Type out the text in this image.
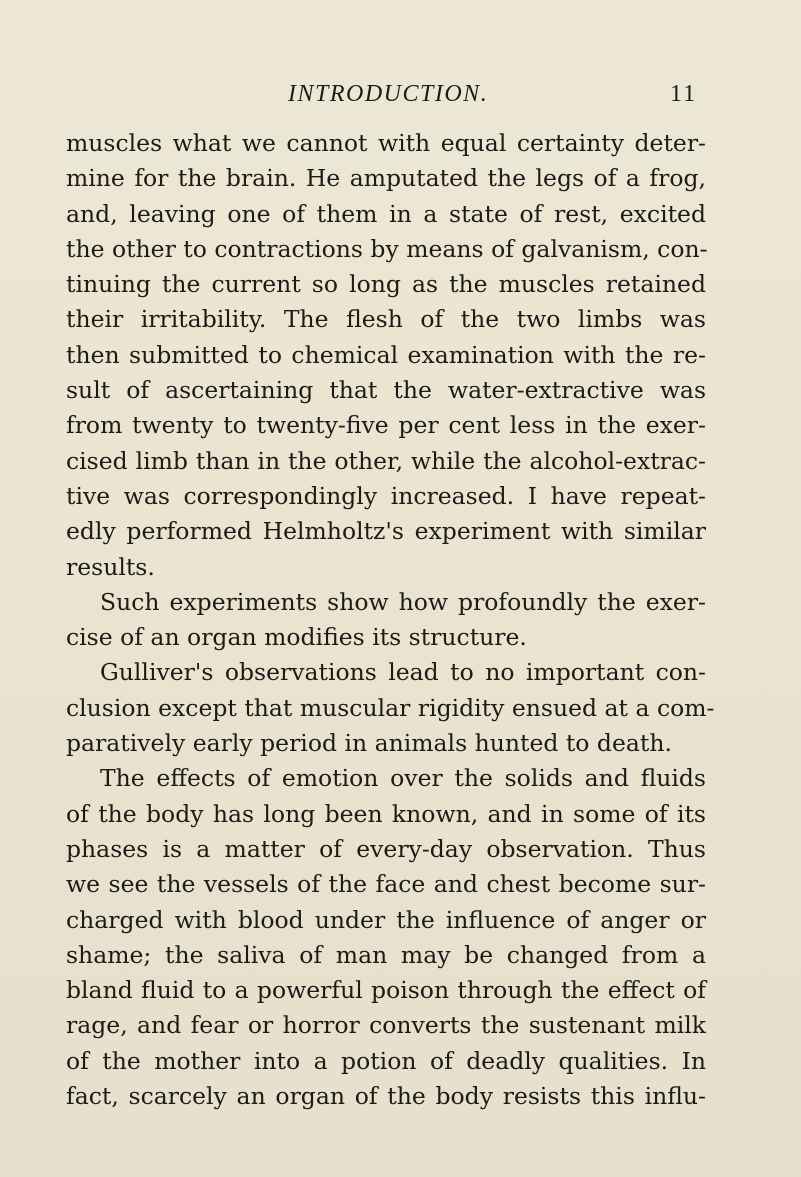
INTRODUCTION.	11
muscles what we cannot with equal certainty deter-
mine for the brain. He amputated the legs of a frog,
and, leaving one of them in a state of rest, excited
the other to contractions by means of galvanism, con-
tinuing the current so long as the muscles retained
their irritability. The flesh of the two limbs was
then submitted to chemical examination with the re-
sult of ascertaining that the water-extractive was
from twenty to twenty-five per cent less in the exer-
cised limb than in the other, while the alcohol-extrac-
tive was correspondingly increased. I have repeat-
edly performed Helmholtz's experiment with similar
results.
Such experiments show how profoundly the exer-
cise of an organ modifies its structure.
Gulliver's observations lead to no important con-
clusion except that muscular rigidity ensued at a com-
paratively early period in animals hunted to death.
The effects of emotion over the solids and fluids
of the body has long been known, and in some of its
phases is a matter of every-day observation. Thus
we see the vessels of the face and chest become sur-
charged with blood under the influence of anger or
shame; the saliva of man may be changed from a
bland fluid to a powerful poison through the effect of
rage, and fear or horror converts the sustenant milk
of the mother into a potion of deadly qualities. In
fact, scarcely an organ of the body resists this influ-
